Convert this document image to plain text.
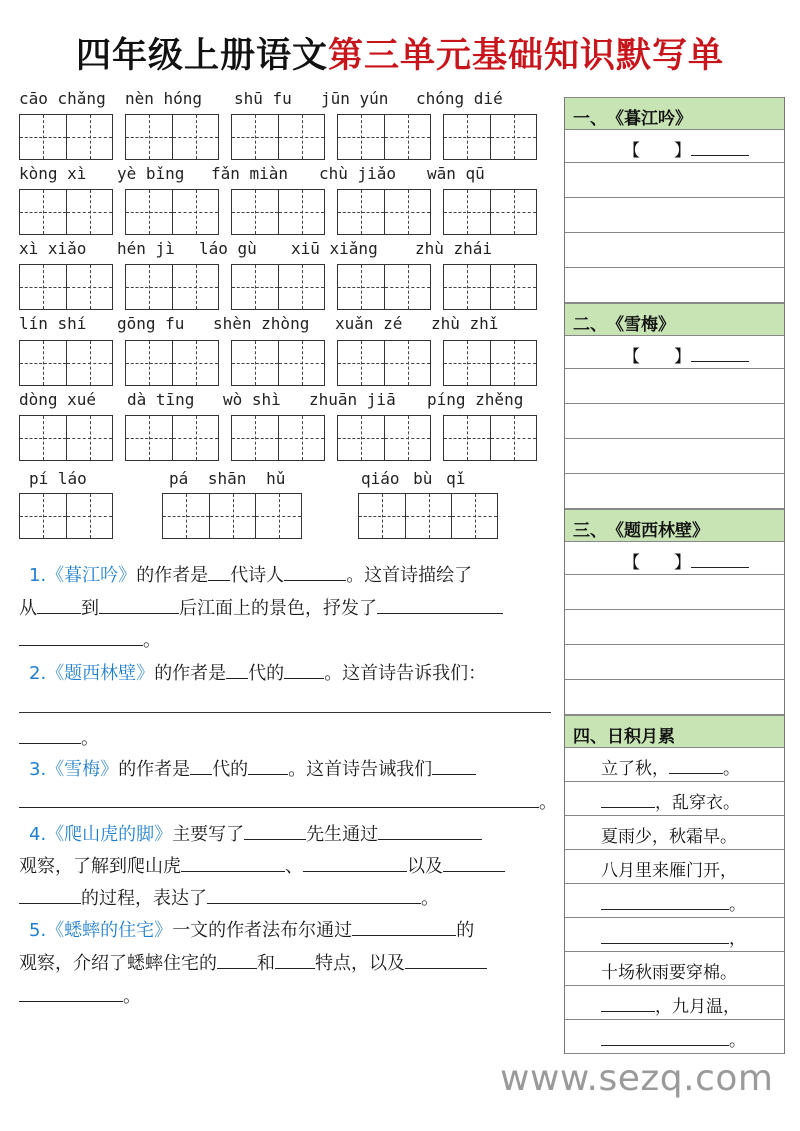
四年级上册语文第三单元基础知识默写单
cāo chǎng nèn hóng shū fu jūn yún chóng dié
kòng xì yè bǐng fǎn miàn chù jiǎo wān qū
xì xiǎo hén jì láo gù xiū xiǎng zhù zhái
lín shí gōng fu shèn zhòng xuǎn zé zhù zhǐ
dòng xué dà tīng wò shì zhuān jiā píng zhěng
pí láo	pá shān hǔ	qiáo bù qǐ
1.《暮江吟》的作者是 代诗人	。这首诗描绘了
从 到	后江面上的景色，抒发了
。
2.《题西林壁》的作者是 代的 。这首诗告诉我们：
。
3.《雪梅》的作者是 代的 。这首诗告诫我们
。
4.《爬山虎的脚》主要写了	先生通过
观察，了解到爬山虎	、	以及
的过程，表达了	。
5.《蟋蟀的住宅》一文的作者法布尔通过	的
观察，介绍了蟋蟀住宅的 和 特点，以及
。
一、　《暮江吟》
【　　】
二、　《雪梅》
【　　】
三、　《题西林壁》
【　　】
四、日积月累
立了秋，	。
，乱穿衣。
夏雨少，秋霜早。
八月里来雁门开，
。
，
十场秋雨要穿棉。
，九月温，
。
www.sezq.com
